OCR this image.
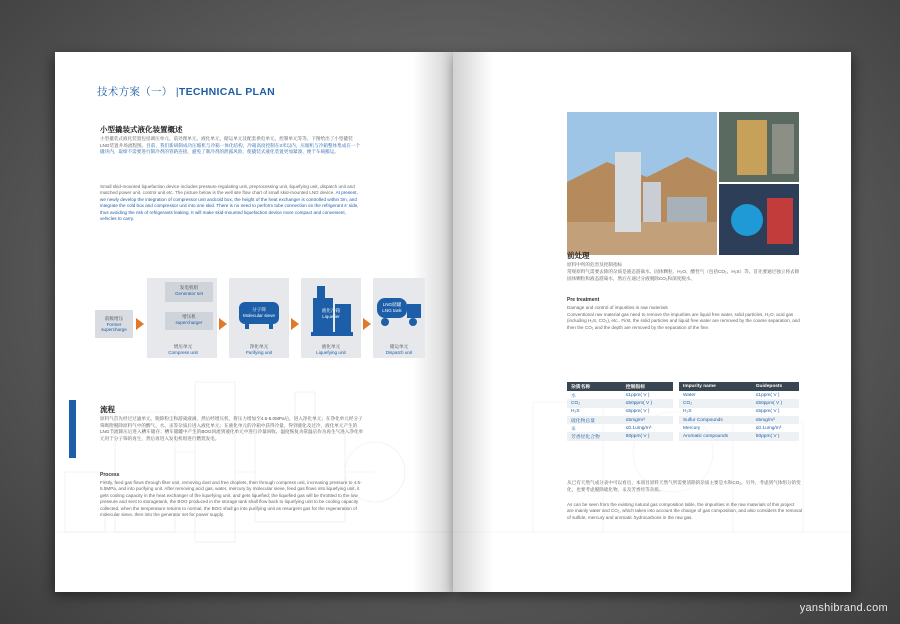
技术方案（一） |TECHNICAL PLAN
小型撬装式液化装置概述
小型撬装式液化装置包括调压单元、前处理单元、液化单元、储运单元及配套供电单元、控制单元等等。下图给出了小型撬装LNG装置井场流程图。目前，我们新研制成功压缩机与冷箱一体化结构，冷箱高度控制在3米以内，压缩机与冷箱整体集成在一个撬块内，取缔不需要进行制冷剂的管路连接，避免了制冷剂的泄露风险，使撬装式液化装置更加紧凑、便于车载搬运。
Small skid-mounted liquefaction device includes pressure regulating unit, preprocessing unit, liquefying unit, dispatch unit and matched power unit, control unit etc. The picture below is the well site flow chart of small skid-mounted LNG device. At present, we newly develop the integration of compressor unit andcold box, the height of the heat exchanger is controlled within 3m, and integrate the cold box and compressor unit into one skid. There is no need to perform tube connection on the refrigerant s' side, thus avoiding the risk of refrigerants leaking. It will make skid-mounted liquefaction device more compact and convenient, vehicles to carry.
前级增压
Former supercharge
发电机组
Generator set
增压机
supercharger
增压单元
Compress unit
分子筛
Molecular sieve
净化单元
Purifying unit
液化冷箱
Liquefier
液化单元
Liquefying unit
LNG储罐
LNG tank
储运单元
Dispatch unit
流程
原料气首先经过过滤单元，脱除粉尘和游离液滴，然后经增压机，将压力增加至4.5-5.0MPa后，进入净化单元；在净化单元经分子筛吸附脱除原料气中的酸气、水、汞等杂质后进入液化单元；在液化单元的冷箱中获得冷量，得到液化及过冷，液化单元产生的LNG节流降压后进入槽车储存；槽车储罐中产生的BOG回流到液化单元中进行冷量回收，温度恢复为常温后作为再生气进入净化单元用于分子筛的再生，然后再进入发电机组进行燃烧发电。
Process
Firstly, feed gas flows through filter unit, removing dust and free droplets, then through compress unit, increasing pressure to 4.5-5.5MPa, and into purifying unit. After removing acid gas, water, mercury by molecular sieve, feed gas flows into liquefying unit, it gets cooling capacity in the heat exchanger of the liquefying unit, and gets liquefied; the liquefied gas will be throttled to the low pressure and sent to storagetank, the BOG produced in the storage tank shall flow back to liquefying unit to be cooling capacity collected, when the temperature returns to normal, the BOG shall go into purifying unit as resurgent gas for the regeneration of molecular sieve, then into the generator set for power supply.
前处理
原料中所的危害及控制指标
常规原料气需要去除的杂质是液态游离水、固体颗粒、H₂O、酸性气（包括CO₂、H₂S）等。首先要通过独立将去除固体颗粒和液态游离水，然后在通过分液脱除CO₂和深度脱水。
Pre treatment
Damage and control of impurities in raw materials
Conventional raw material gas need to remove the impurities are liquid free water, solid particles, H₂O, acid gas (including H₂S, CO₂), etc.. First, the solid particles and liquid free water are removed by the coarse separation, and then the CO₂ and the depth are removed by the separation of the fine.
杂质名称	控制指标
水	≤1ppm( V )
CO₂	≤50ppm( V )
H₂S	≤5ppm( V )
硫化物总量	≤5mg/m³
汞	≤0.1umg/m³
芳香烃化合物	50ppm( V )
Impurity name	Guideposts
Water	≤1ppm( V )
CO₂	≤50ppm( V )
H₂S	≤5ppm( V )
Sulfur Compounds	≤5mg/m³
Mercury	≤0.1umg/m³
Aromatic compounds	50ppm( V )
从已有天然气成分表中可以看出，本项目原料天然气所需要清除的杂质主要是水和CO₂。另外，考虑到气体组分的变化，也要考虑脱除硫化物、汞及芳香烃等杂质。
As can be seen from the existing natural gas composition table, the impurities in the raw materials of this project are mainly water and CO₂, which takes into account the change of gas composition, and also considers the removal of sulfide, mercury and aromatic hydrocarbons in the raw gas.
yanshibrand.com
